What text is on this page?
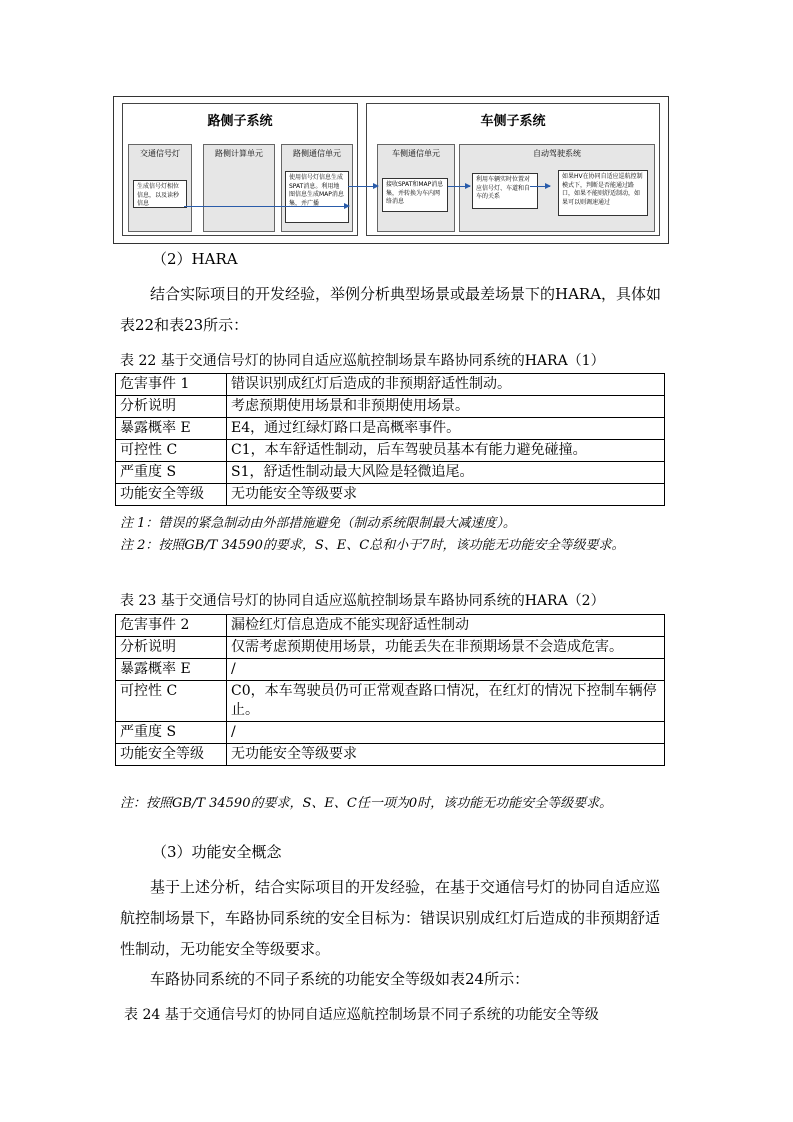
路侧子系统
交通信号灯
生成信号灯相位信息，以及读秒信息
路侧计算单元	路侧通信单元
使用信号灯信息生成SPAT消息。利用地图信息生成MAP消息集，并广播
车侧子系统
车侧通信单元
接收SPAT和MAP消息集，并转换为车内网络消息
自动驾驶系统
利用车辆实时位置对应信号灯、车道和自车的关系
如果HV在协同自适应巡航控制模式下，判断是否能通过路口，如果不能则舒适制动，如果可以则调速通过
（2）HARA
结合实际项目的开发经验，举例分析典型场景或最差场景下的HARA，具体如表22和表23所示：
表 22 基于交通信号灯的协同自适应巡航控制场景车路协同系统的HARA（1）
危害事件 1	错误识别成红灯后造成的非预期舒适性制动。
分析说明	考虑预期使用场景和非预期使用场景。
暴露概率 E	E4，通过红绿灯路口是高概率事件。
可控性 C	C1，本车舒适性制动，后车驾驶员基本有能力避免碰撞。
严重度 S	S1，舒适性制动最大风险是轻微追尾。
功能安全等级	无功能安全等级要求
注 1：错误的紧急制动由外部措施避免（制动系统限制最大减速度）。
注 2：按照GB/T 34590的要求，S、E、C总和小于7时，该功能无功能安全等级要求。
表 23 基于交通信号灯的协同自适应巡航控制场景车路协同系统的HARA（2）
危害事件 2	漏检红灯信息造成不能实现舒适性制动
分析说明	仅需考虑预期使用场景，功能丢失在非预期场景不会造成危害。
暴露概率 E	/
可控性 C	C0，本车驾驶员仍可正常观查路口情况，在红灯的情况下控制车辆停止。
严重度 S	/
功能安全等级	无功能安全等级要求
注：按照GB/T 34590的要求，S、E、C任一项为0时，该功能无功能安全等级要求。
（3）功能安全概念
基于上述分析，结合实际项目的开发经验，在基于交通信号灯的协同自适应巡航控制场景下，车路协同系统的安全目标为：错误识别成红灯后造成的非预期舒适性制动，无功能安全等级要求。
车路协同系统的不同子系统的功能安全等级如表24所示：
表 24 基于交通信号灯的协同自适应巡航控制场景不同子系统的功能安全等级
